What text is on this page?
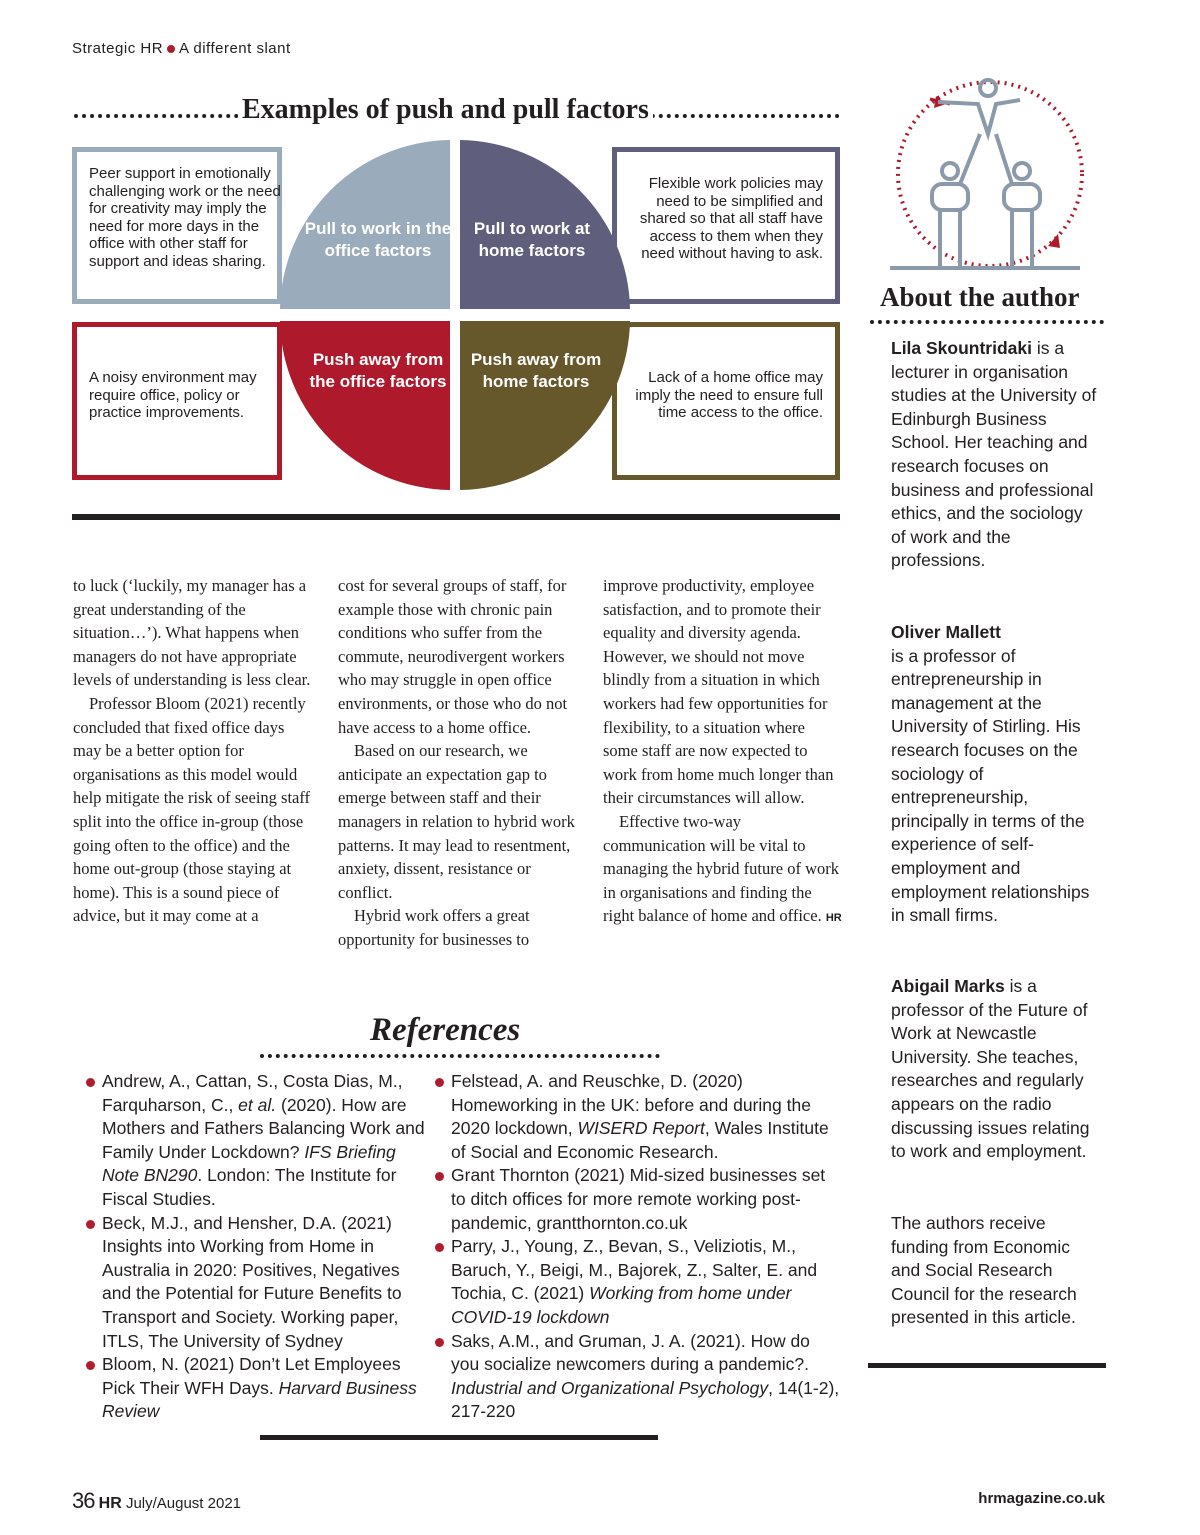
Strategic HR A different slant
Examples of push and pull factors
Peer support in emotionally challenging work or the need for creativity may imply the need for more days in the office with other staff for support and ideas sharing.
Flexible work policies may need to be simplified and shared so that all staff have access to them when they need without having to ask.
A noisy environment may require office, policy or practice improvements.
Lack of a home office may imply the need to ensure full time access to the office.
Pull to work in the office factors
Pull to work at home factors
Push away from the office factors
Push away from home factors

to luck (‘luckily, my manager has a great understanding of the situation…’). What happens when managers do not have appropriate levels of understanding is less clear.

Professor Bloom (2021) recently concluded that fixed office days may be a better option for organisations as this model would help mitigate the risk of seeing staff split into the office in-group (those going often to the office) and the home out-group (those staying at home). This is a sound piece of advice, but it may come at a

cost for several groups of staff, for example those with chronic pain conditions who suffer from the commute, neurodivergent workers who may struggle in open office environments, or those who do not have access to a home office.

Based on our research, we anticipate an expectation gap to emerge between staff and their managers in relation to hybrid work patterns. It may lead to resentment, anxiety, dissent, resistance or conflict.

Hybrid work offers a great opportunity for businesses to

improve productivity, employee satisfaction, and to promote their equality and diversity agenda. However, we should not move blindly from a situation in which workers had few opportunities for flexibility, to a situation where some staff are now expected to work from home much longer than their circumstances will allow.

Effective two-way communication will be vital to managing the hybrid future of work in organisations and finding the right balance of home and office. HR

References
Andrew, A., Cattan, S., Costa Dias, M., Farquharson, C., et al. (2020). How are Mothers and Fathers Balancing Work and Family Under Lockdown? IFS Briefing Note BN290. London: The Institute for Fiscal Studies.
Beck, M.J., and Hensher, D.A. (2021) Insights into Working from Home in Australia in 2020: Positives, Negatives and the Potential for Future Benefits to Transport and Society. Working paper, ITLS, The University of Sydney
Bloom, N. (2021) Don’t Let Employees Pick Their WFH Days. Harvard Business Review
Felstead, A. and Reuschke, D. (2020) Homeworking in the UK: before and during the 2020 lockdown, WISERD Report, Wales Institute of Social and Economic Research.
Grant Thornton (2021) Mid-sized businesses set to ditch offices for more remote working post-pandemic, grantthornton.co.uk
Parry, J., Young, Z., Bevan, S., Veliziotis, M., Baruch, Y., Beigi, M., Bajorek, Z., Salter, E. and Tochia, C. (2021) Working from home under COVID-19 lockdown
Saks, A.M., and Gruman, J. A. (2021). How do you socialize newcomers during a pandemic?. Industrial and Organizational Psychology, 14(1-2), 217-220
About the author
Lila Skountridaki is a lecturer in organisation studies at the University of Edinburgh Business School. Her teaching and research focuses on business and professional ethics, and the sociology of work and the professions.
Oliver Mallett
is a professor of entrepreneurship in management at the University of Stirling. His research focuses on the sociology of entrepreneurship, principally in terms of the experience of self-employment and employment relationships in small firms.
Abigail Marks is a professor of the Future of Work at Newcastle University. She teaches, researches and regularly appears on the radio discussing issues relating to work and employment.
The authors receive funding from Economic and Social Research Council for the research presented in this article.
36 HR July/August 2021	hrmagazine.co.uk
